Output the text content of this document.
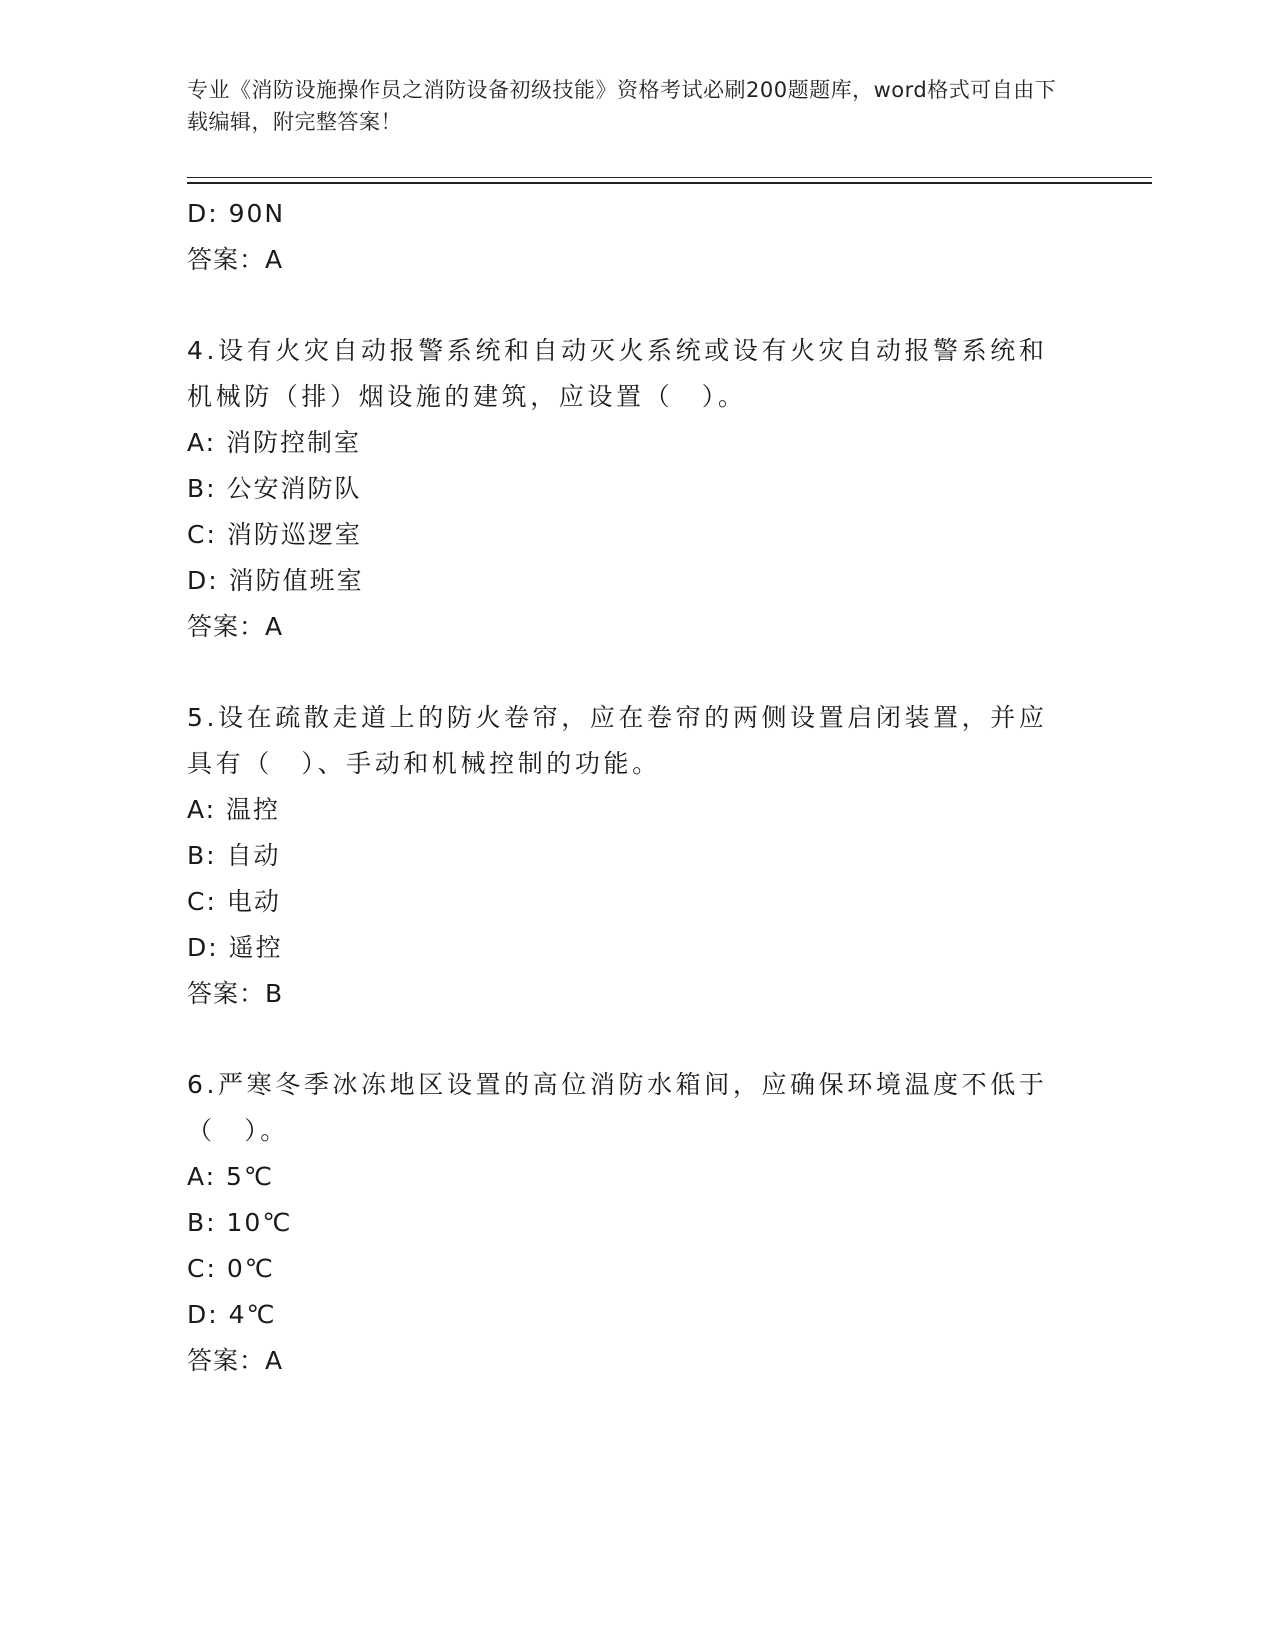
专业《消防设施操作员之消防设备初级技能》资格考试必刷200题题库，word格式可自由下载编辑，附完整答案！
D: 90N
答案：A
4.设有火灾自动报警系统和自动灭火系统或设有火灾自动报警系统和机械防（排）烟设施的建筑，应设置（　）。
A: 消防控制室
B: 公安消防队
C: 消防巡逻室
D: 消防值班室
答案：A
5.设在疏散走道上的防火卷帘，应在卷帘的两侧设置启闭装置，并应具有（　）、手动和机械控制的功能。
A: 温控
B: 自动
C: 电动
D: 遥控
答案：B
6.严寒冬季冰冻地区设置的高位消防水箱间，应确保环境温度不低于（　）。
A: 5℃
B: 10℃
C: 0℃
D: 4℃
答案：A
